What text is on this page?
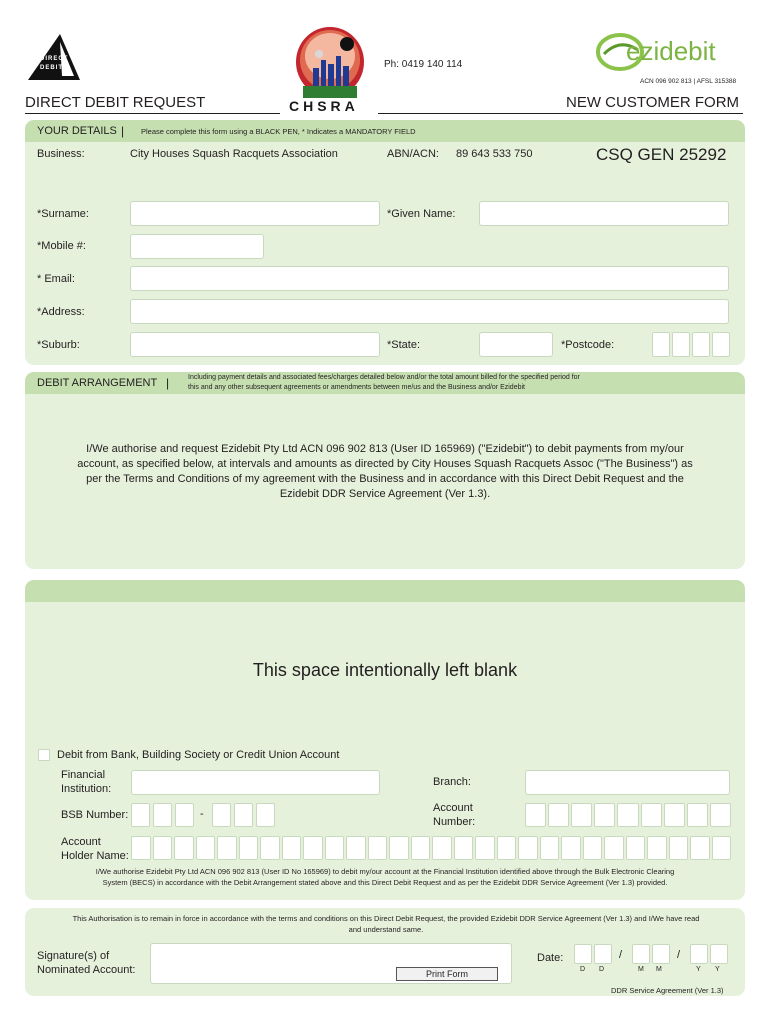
DIRECT
DEBIT
CHSRA
Ph: 0419 140 114	ezidebit
ACN 096 902 813 | AFSL 315388
DIRECT DEBIT REQUEST	NEW CUSTOMER FORM
YOUR DETAILS | Please complete this form using a BLACK PEN, * Indicates a MANDATORY FIELD
Business:	City Houses Squash Racquets Association	ABN/ACN: 89 643 533 750	CSQ GEN 25292
*Surname:	*Given Name:
*Mobile #:
* Email:
*Address:
*Suburb:	*State:	*Postcode:
DEBIT ARRANGEMENT |	Including payment details and associated fees/charges detailed below and/or the total amount billed for the specified period for
this and any other subsequent agreements or amendments between me/us and the Business and/or Ezidebit
I/We authorise and request Ezidebit Pty Ltd ACN 096 902 813 (User ID 165969) ("Ezidebit") to debit payments from my/our
account, as specified below, at intervals and amounts as directed by City Houses Squash Racquets Assoc ("The Business") as
per the Terms and Conditions of my agreement with the Business and in accordance with this Direct Debit Request and the
Ezidebit DDR Service Agreement (Ver 1.3).
This space intentionally left blank
Debit from Bank, Building Society or Credit Union Account
Financial
Institution:
Branch:
BSB Number:	-	Account
Number:
Account
Holder Name:
I/We authorise Ezidebit Pty Ltd ACN 096 902 813 (User ID No 165969) to debit my/our account at the Financial Institution identified above through the Bulk Electronic Clearing
System (BECS) in accordance with the Debit Arrangement stated above and this Direct Debit Request and as per the Ezidebit DDR Service Agreement (Ver 1.3) provided.
This Authorisation is to remain in force in accordance with the terms and conditions on this Direct Debit Request, the provided Ezidebit DDR Service Agreement (Ver 1.3) and I/We have read
and understand same.
Signature(s) of
Nominated Account:	Print Form
Date:	/	/
D D	M M	Y Y
DDR Service Agreement (Ver 1.3)
